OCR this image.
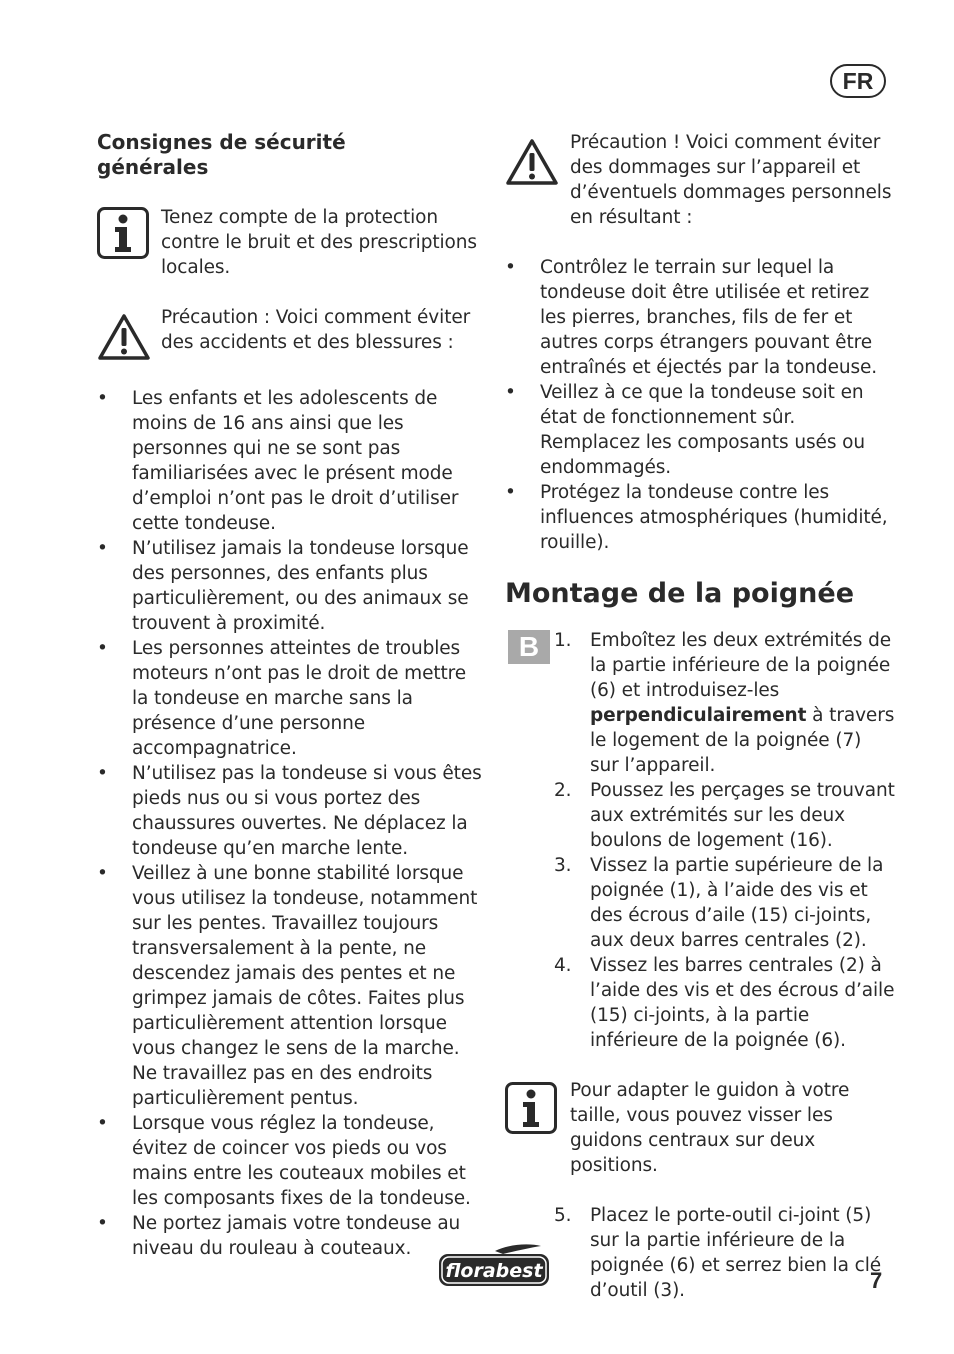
FR
Consignes de sécurité générales
Tenez compte de la protection contre le bruit et des prescriptions locales.
Précaution : Voici comment éviter des accidents et des blessures :
• Les enfants et les adolescents de moins de 16 ans ainsi que les personnes qui ne se sont pas familiarisées avec le présent mode d’emploi n’ont pas le droit d’utiliser cette tondeuse.
• N’utilisez jamais la tondeuse lorsque des personnes, des enfants plus particulièrement, ou des animaux se trouvent à proximité.
• Les personnes atteintes de troubles moteurs n’ont pas le droit de mettre la tondeuse en marche sans la présence d’une personne accompagnatrice.
• N’utilisez pas la tondeuse si vous êtes pieds nus ou si vous portez des chaussures ouvertes. Ne déplacez la tondeuse qu’en marche lente.
• Veillez à une bonne stabilité lorsque vous utilisez la tondeuse, notamment sur les pentes. Travaillez toujours transversalement à la pente, ne descendez jamais des pentes et ne grimpez jamais de côtes. Faites plus particulièrement attention lorsque vous changez le sens de la marche. Ne travaillez pas en des endroits particulièrement pentus.
• Lorsque vous réglez la tondeuse, évitez de coincer vos pieds ou vos mains entre les couteaux mobiles et les composants fixes de la tondeuse.
• Ne portez jamais votre tondeuse au niveau du rouleau à couteaux.
Précaution ! Voici comment éviter des dommages sur l’appareil et d’éventuels dommages personnels en résultant :
• Contrôlez le terrain sur lequel la tondeuse doit être utilisée et retirez les pierres, branches, fils de fer et autres corps étrangers pouvant être entraînés et éjectés par la tondeuse.
• Veillez à ce que la tondeuse soit en état de fonctionnement sûr. Remplacez les composants usés ou endommagés.
• Protégez la tondeuse contre les influences atmosphériques (humidité, rouille).
Montage de la poignée
B 1.	Emboîtez les deux extrémités de la partie inférieure de la poignée (6) et introduisez-les perpendiculairement à travers le logement de la poignée (7) sur l’appareil.
2.	Poussez les perçages se trouvant aux extrémités sur les deux boulons de logement (16).
3.	Vissez la partie supérieure de la poignée (1), à l’aide des vis et des écrous d’aile (15) ci-joints, aux deux barres centrales (2).
4.	Vissez les barres centrales (2) à l’aide des vis et des écrous d’aile (15) ci-joints, à la partie inférieure de la poignée (6).
Pour adapter le guidon à votre taille, vous pouvez visser les guidons centraux sur deux positions.
5.	Placez le porte-outil ci-joint (5) sur la partie inférieure de la poignée (6) et serrez bien la clé d’outil (3).
florabest	7
